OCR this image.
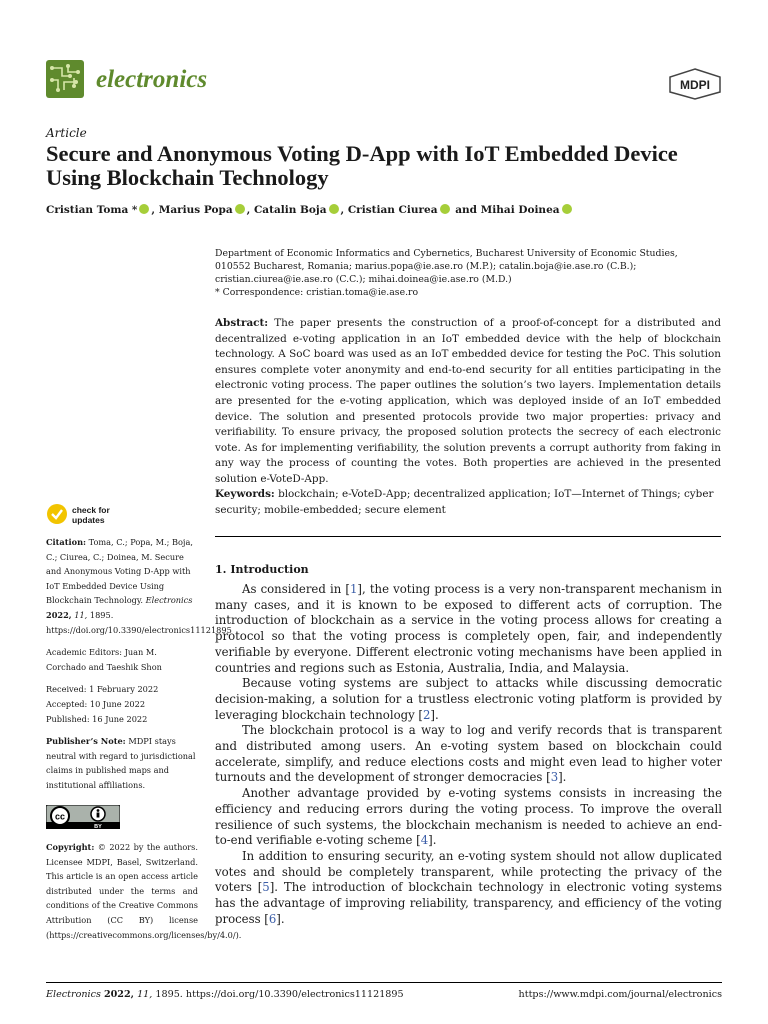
electronics	MDPI
Article
Secure and Anonymous Voting D-App with IoT Embedded Device Using Blockchain Technology
Cristian Toma * , Marius Popa , Catalin Boja , Cristian Ciurea and Mihai Doinea
Department of Economic Informatics and Cybernetics, Bucharest University of Economic Studies,
010552 Bucharest, Romania; marius.popa@ie.ase.ro (M.P.); catalin.boja@ie.ase.ro (C.B.);
cristian.ciurea@ie.ase.ro (C.C.); mihai.doinea@ie.ase.ro (M.D.)
* Correspondence: cristian.toma@ie.ase.ro
Abstract: The paper presents the construction of a proof-of-concept for a distributed and decentralized e-voting application in an IoT embedded device with the help of blockchain technology. A SoC board was used as an IoT embedded device for testing the PoC. This solution ensures complete voter anonymity and end-to-end security for all entities participating in the electronic voting process. The paper outlines the solution’s two layers. Implementation details are presented for the e-voting application, which was deployed inside of an IoT embedded device. The solution and presented protocols provide two major properties: privacy and verifiability. To ensure privacy, the proposed solution protects the secrecy of each electronic vote. As for implementing verifiability, the solution prevents a corrupt authority from faking in any way the process of counting the votes. Both properties are achieved in the presented solution e-VoteD-App.
Keywords: blockchain; e-VoteD-App; decentralized application; IoT—Internet of Things; cyber security; mobile-embedded; secure element
check for
updates
Citation: Toma, C.; Popa, M.; Boja, C.; Ciurea, C.; Doinea, M. Secure and Anonymous Voting D-App with IoT Embedded Device Using Blockchain Technology. Electronics 2022, 11, 1895. https://doi.org/10.3390/electronics11121895
Academic Editors: Juan M. Corchado and Taeshik Shon
Received: 1 February 2022
Accepted: 10 June 2022
Published: 16 June 2022
Publisher’s Note: MDPI stays neutral with regard to jurisdictional claims in published maps and institutional affiliations.
cc
BY
Copyright: © 2022 by the authors. Licensee MDPI, Basel, Switzerland. This article is an open access article distributed under the terms and conditions of the Creative Commons Attribution (CC BY) license (https://creativecommons.org/licenses/by/4.0/).
1. Introduction

As considered in [1], the voting process is a very non-transparent mechanism in many cases, and it is known to be exposed to different acts of corruption. The introduction of blockchain as a service in the voting process allows for creating a protocol so that the voting process is completely open, fair, and independently verifiable by everyone. Different electronic voting mechanisms have been applied in countries and regions such as Estonia, Australia, India, and Malaysia.

Because voting systems are subject to attacks while discussing democratic decision-making, a solution for a trustless electronic voting platform is provided by leveraging blockchain technology [2].

The blockchain protocol is a way to log and verify records that is transparent and distributed among users. An e-voting system based on blockchain could accelerate, simplify, and reduce elections costs and might even lead to higher voter turnouts and the development of stronger democracies [3].

Another advantage provided by e-voting systems consists in increasing the efficiency and reducing errors during the voting process. To improve the overall resilience of such systems, the blockchain mechanism is needed to achieve an end-to-end verifiable e-voting scheme [4].

In addition to ensuring security, an e-voting system should not allow duplicated votes and should be completely transparent, while protecting the privacy of the voters [5]. The introduction of blockchain technology in electronic voting systems has the advantage of improving reliability, transparency, and efficiency of the voting process [6].

Electronics 2022, 11, 1895. https://doi.org/10.3390/electronics11121895	https://www.mdpi.com/journal/electronics
